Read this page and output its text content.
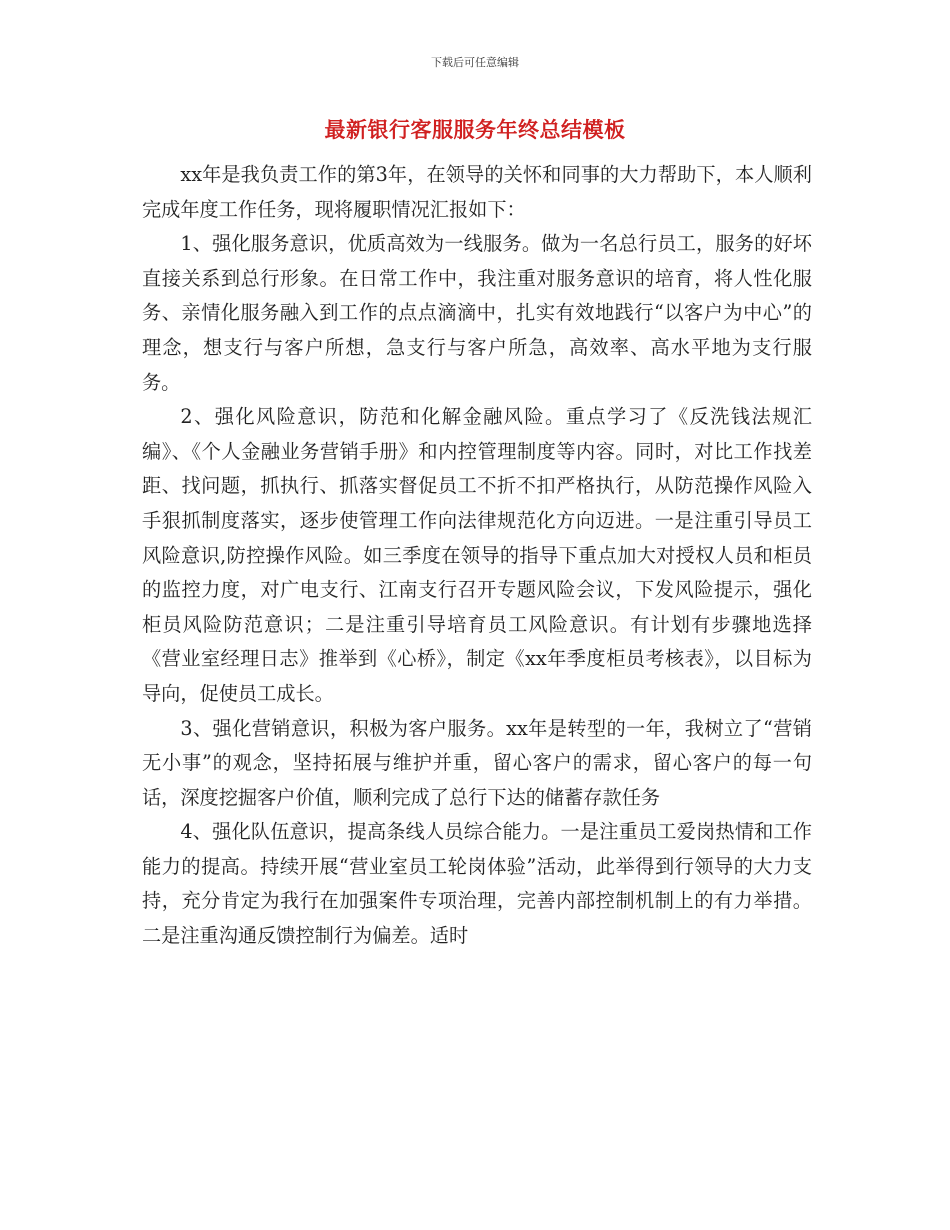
下载后可任意编辑
最新银行客服服务年终总结模板

xx年是我负责工作的第3年，在领导的关怀和同事的大力帮助下，本人顺利完成年度工作任务，现将履职情况汇报如下：

1、强化服务意识，优质高效为一线服务。做为一名总行员工，服务的好坏直接关系到总行形象。在日常工作中，我注重对服务意识的培育，将人性化服务、亲情化服务融入到工作的点点滴滴中，扎实有效地践行“以客户为中心”的理念，想支行与客户所想，急支行与客户所急，高效率、高水平地为支行服务。

2、强化风险意识，防范和化解金融风险。重点学习了《反洗钱法规汇编》、《个人金融业务营销手册》和内控管理制度等内容。同时，对比工作找差距、找问题，抓执行、抓落实督促员工不折不扣严格执行，从防范操作风险入手狠抓制度落实，逐步使管理工作向法律规范化方向迈进。一是注重引导员工风险意识,防控操作风险。如三季度在领导的指导下重点加大对授权人员和柜员的监控力度，对广电支行、江南支行召开专题风险会议，下发风险提示，强化柜员风险防范意识；二是注重引导培育员工风险意识。有计划有步骤地选择《营业室经理日志》推举到《心桥》，制定《xx年季度柜员考核表》，以目标为导向，促使员工成长。

3、强化营销意识，积极为客户服务。xx年是转型的一年，我树立了“营销无小事”的观念，坚持拓展与维护并重，留心客户的需求，留心客户的每一句话，深度挖掘客户价值，顺利完成了总行下达的储蓄存款任务

4、强化队伍意识，提高条线人员综合能力。一是注重员工爱岗热情和工作能力的提高。持续开展“营业室员工轮岗体验”活动，此举得到行领导的大力支持，充分肯定为我行在加强案件专项治理，完善内部控制机制上的有力举措。二是注重沟通反馈控制行为偏差。适时
